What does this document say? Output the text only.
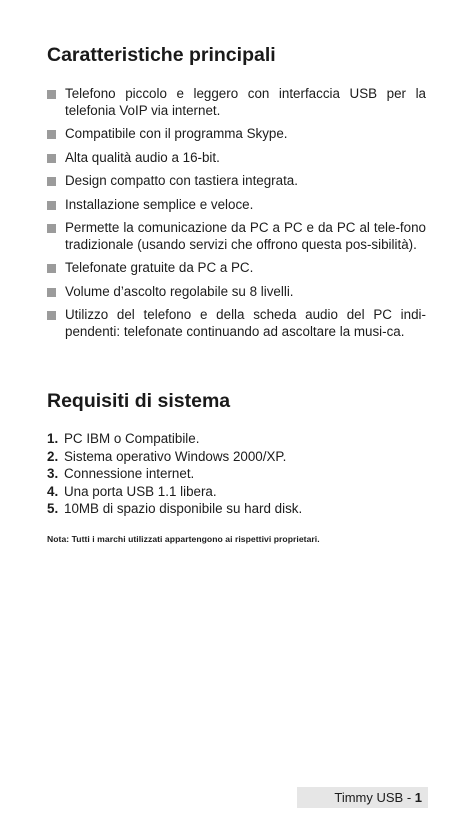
Caratteristiche principali
Telefono piccolo e leggero con interfaccia USB per la telefonia VoIP via internet.
Compatibile con il programma Skype.
Alta qualità audio a 16-bit.
Design compatto con tastiera integrata.
Installazione semplice e veloce.
Permette la comunicazione da PC a PC e da PC al tele-fono tradizionale (usando servizi che offrono questa pos-sibilità).
Telefonate gratuite da PC a PC.
Volume d’ascolto regolabile su 8 livelli.
Utilizzo del telefono e della scheda audio del PC indi-pendenti: telefonate continuando ad ascoltare la musi-ca.
Requisiti di sistema
1. PC IBM o Compatibile.
2. Sistema operativo Windows 2000/XP.
3. Connessione internet.
4. Una porta USB 1.1 libera.
5. 10MB di spazio disponibile su hard disk.
Nota: Tutti i marchi utilizzati appartengono ai rispettivi proprietari.
Timmy USB - 1
